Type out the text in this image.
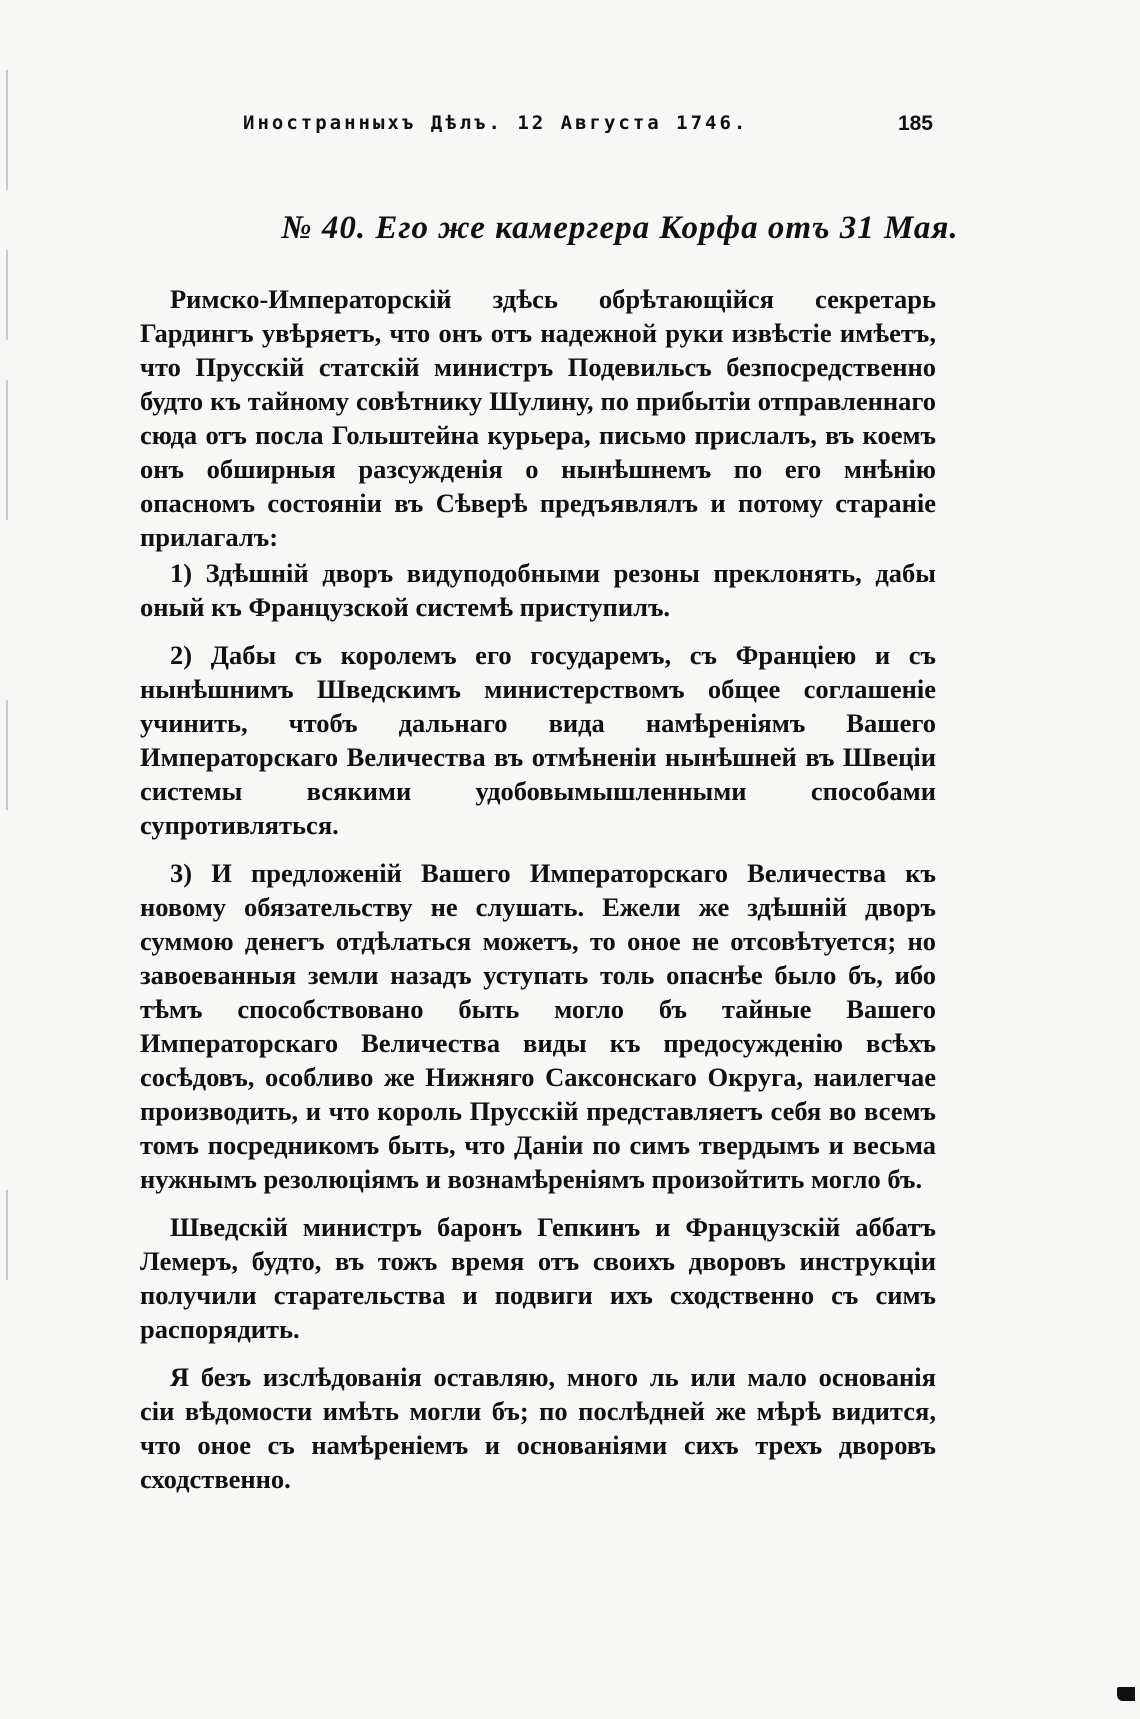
Иностранныхъ Дѣлъ. 12 Августа 1746.	185
№ 40. Его же камергера Корфа отъ 31 Мая.

Римско-Императорскій здѣсь обрѣтающійся секретарь Гардингъ увѣряетъ, что онъ отъ надежной руки извѣстіе имѣетъ, что Прусскій статскій министръ Подевильсъ безпосредственно будто къ тайному совѣтнику Шулину, по прибытіи отправленнаго сюда отъ посла Гольштейна курьера, письмо прислалъ, въ коемъ онъ обширныя разсужденія о нынѣшнемъ по его мнѣнію опасномъ состояніи въ Сѣверѣ предъявлялъ и потому стараніе прилагалъ:

1) Здѣшній дворъ видуподобными резоны преклонять, дабы оный къ Французской системѣ приступилъ.

2) Дабы съ королемъ его государемъ, съ Франціею и съ нынѣшнимъ Шведскимъ министерствомъ общее соглашеніе учинить, чтобъ дальнаго вида намѣреніямъ Вашего Императорскаго Величества въ отмѣненіи нынѣшней въ Швеціи системы всякими удобовымышленными способами супротивляться.

3) И предложеній Вашего Императорскаго Величества къ новому обязательству не слушать. Ежели же здѣшній дворъ суммою денегъ отдѣлаться можетъ, то оное не отсовѣтуется; но завоеванныя земли назадъ уступать толь опаснѣе было бъ, ибо тѣмъ способствовано быть могло бъ тайные Вашего Императорскаго Величества виды къ предосужденію всѣхъ сосѣдовъ, особливо же Нижняго Саксонскаго Округа, наилегчае производить, и что король Прусскій представляетъ себя во всемъ томъ посредникомъ быть, что Даніи по симъ твердымъ и весьма нужнымъ резолюціямъ и вознамѣреніямъ произойтить могло бъ.

Шведскій министръ баронъ Гепкинъ и Французскій аббатъ Лемеръ, будто, въ тожъ время отъ своихъ дворовъ инструкціи получили старательства и подвиги ихъ сходственно съ симъ распорядить.

Я безъ изслѣдованія оставляю, много ль или мало основанія сіи вѣдомости имѣть могли бъ; по послѣдней же мѣрѣ видится, что оное съ намѣреніемъ и основаніями сихъ трехъ дворовъ сходственно.
